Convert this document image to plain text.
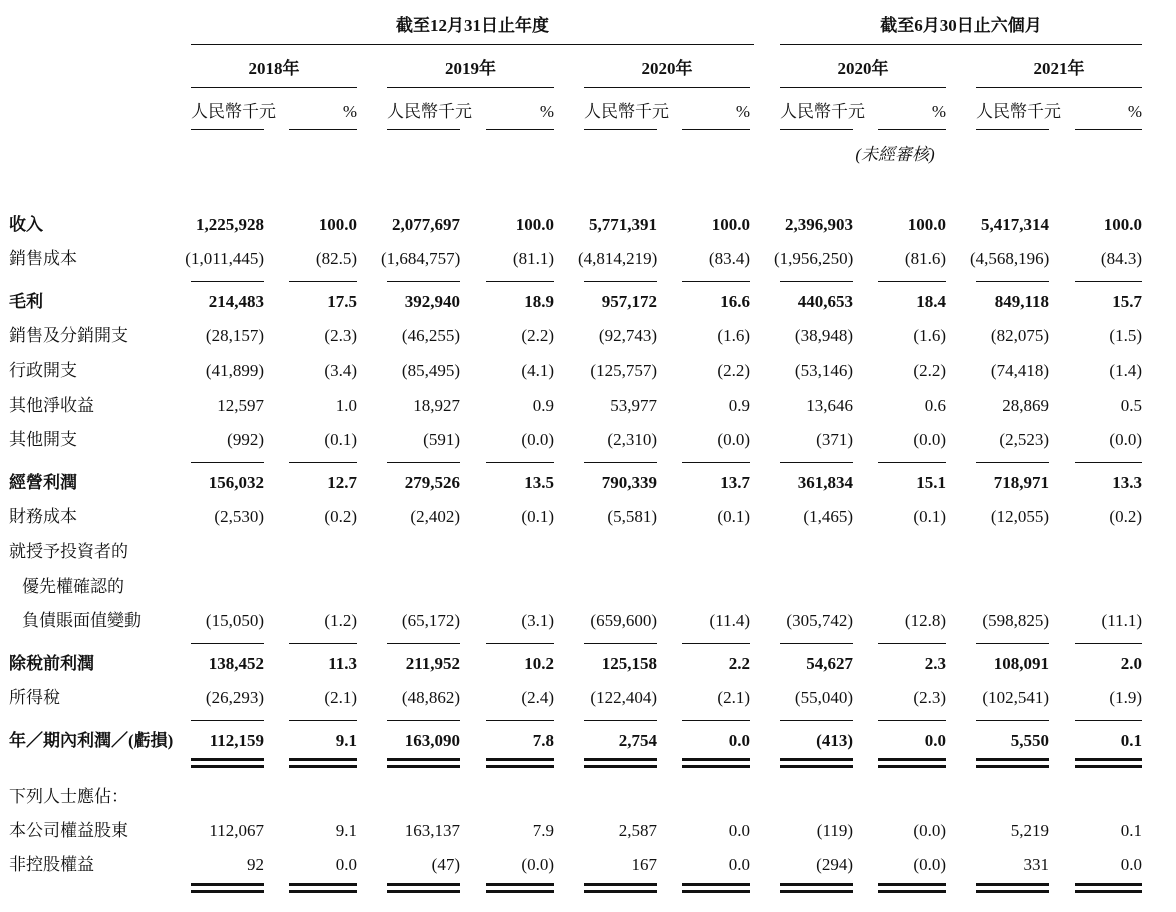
截至12月31日止年度	截至6月30日止六個月
2018年
人民幣千元	%
2019年
人民幣千元	%
2020年
人民幣千元	%
2020年
人民幣千元	%
2021年
人民幣千元	%
(未經審核)
收入	1,225,928	100.0	2,077,697	100.0	5,771,391	100.0	2,396,903	100.0	5,417,314	100.0
銷售成本	(1,011,445)	(82.5) (1,684,757)	(81.1) (4,814,219)	(83.4) (1,956,250)	(81.6) (4,568,196)	(84.3)
毛利	214,483	17.5	392,940	18.9	957,172	16.6	440,653	18.4	849,118	15.7
銷售及分銷開支	(28,157)	(2.3)	(46,255)	(2.2)	(92,743)	(1.6)	(38,948)	(1.6)	(82,075)	(1.5)
行政開支	(41,899)	(3.4)	(85,495)	(4.1)	(125,757)	(2.2)	(53,146)	(2.2)	(74,418)	(1.4)
其他淨收益	12,597	1.0	18,927	0.9	53,977	0.9	13,646	0.6	28,869	0.5
其他開支	(992)	(0.1)	(591)	(0.0)	(2,310)	(0.0)	(371)	(0.0)	(2,523)	(0.0)
經營利潤	156,032	12.7	279,526	13.5	790,339	13.7	361,834	15.1	718,971	13.3
財務成本	(2,530)	(0.2)	(2,402)	(0.1)	(5,581)	(0.1)	(1,465)	(0.1)	(12,055)	(0.2)
就授予投資者的
優先權確認的
負債賬面值變動	(15,050)	(1.2)	(65,172)	(3.1)	(659,600)	(11.4)	(305,742)	(12.8)	(598,825)	(11.1)
除稅前利潤	138,452	11.3	211,952	10.2	125,158	2.2	54,627	2.3	108,091	2.0
所得稅	(26,293)	(2.1)	(48,862)	(2.4)	(122,404)	(2.1)	(55,040)	(2.3)	(102,541)	(1.9)
年／期內利潤／(虧損)	112,159	9.1	163,090	7.8	2,754	0.0	(413)	0.0	5,550	0.1
下列人士應佔：
本公司權益股東	112,067	9.1	163,137	7.9	2,587	0.0	(119)	(0.0)	5,219	0.1
非控股權益	92	0.0	(47)	(0.0)	167	0.0	(294)	(0.0)	331	0.0
